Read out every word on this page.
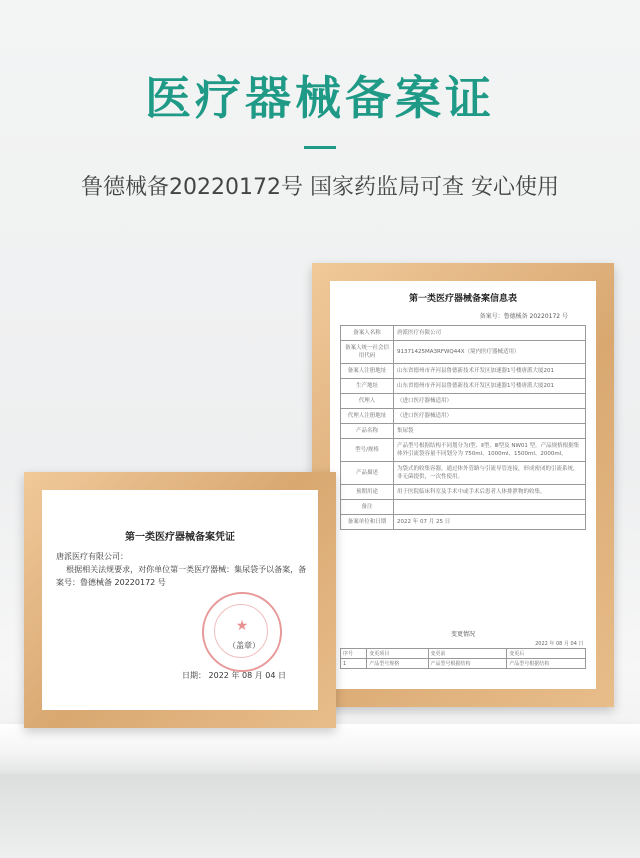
医疗器械备案证
鲁德械备20220172号 国家药监局可查 安心使用
第一类医疗器械备案信息表
备案号：鲁德械备 20220172 号
备案人名称	唐派医疗有限公司
备案人统一社会信用代码	91371425MA3RFWQ44X（境内医疗器械适用）
备案人注册地址	山东省德州市齐河县鲁德新技术开发区加速器1号楼唐派大厦201
生产地址	山东省德州市齐河县鲁德新技术开发区加速器1号楼唐派大厦201
代理人	（进口医疗器械适用）
代理人注册地址	（进口医疗器械适用）
产品名称	集尿袋
型号/规格	产品型号根据结构不同划分为Ⅰ型、Ⅱ型、Ⅲ型及 NW01 型。产品规格根据集体外引流袋容量不同划分为 750ml、1000ml、1500ml、2000ml。
产品描述	为袋式的收集容器，通过体外管路与引流导管连接，形成密闭的引流系统，非无菌提供，一次性使用。
预期用途	用于医院临床科室及手术中或手术后患者人体排泄物的收集。
备注	
备案单位和日期	2022 年 07 月 25 日
变更情况
2022 年 08 月 04 日			
序号	变更项目	变更前	变更后
1	产品型号规格	产品型号根据结构	产品型号根据结构
第一类医疗器械备案凭证
唐派医疗有限公司：
根据相关法规要求，对你单位第一类医疗器械：集尿袋予以备案，备案号：鲁德械备 20220172 号
★
（盖章）
日期： 2022 年 08 月 04 日
